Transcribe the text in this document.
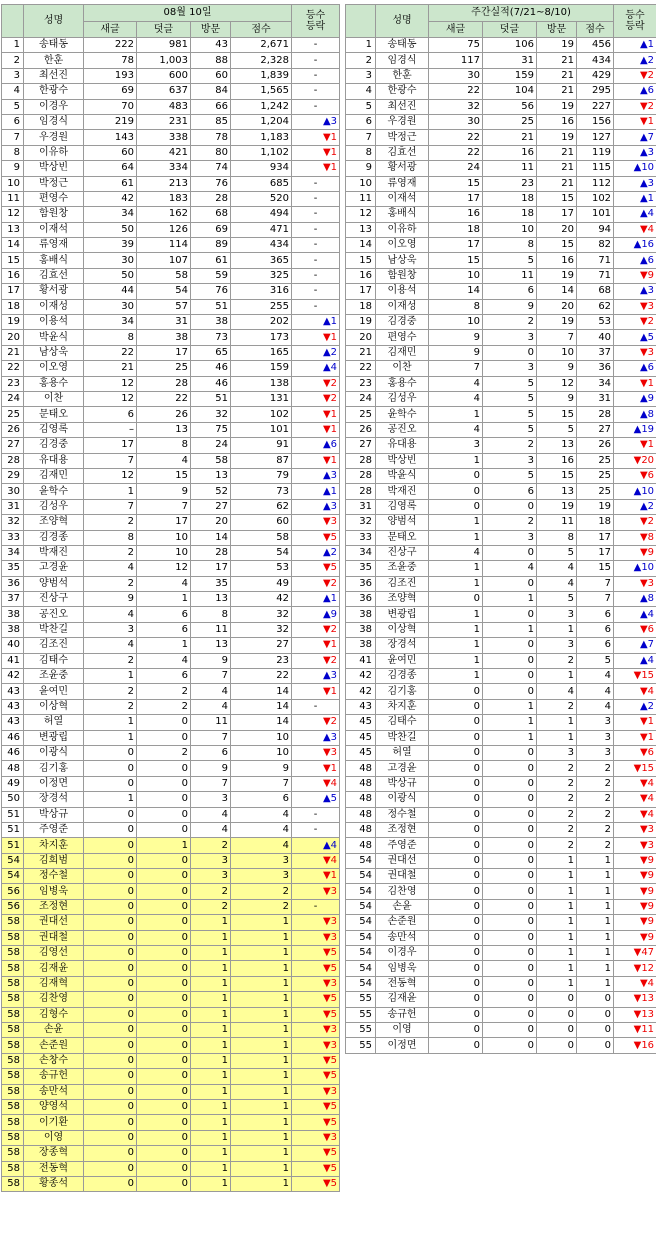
	성명	08월 10일				등수
등락
		새글	덧글	방문	점수	
1	송태동	222	981	43	2,671	-
2	한훈	78	1,003	88	2,328	-
3	최선진	193	600	60	1,839	-
4	한광수	69	637	84	1,565	-
5	이경우	70	483	66	1,242	-
6	임경식	219	231	85	1,204	▲3
7	우경원	143	338	78	1,183	▼1
8	이유하	60	421	80	1,102	▼1
9	박상빈	64	334	74	934	▼1
10	박정근	61	213	76	685	-
11	편영수	42	183	28	520	-
12	함원창	34	162	68	494	-
13	이재석	50	126	69	471	-
14	류영재	39	114	89	434	-
15	홍배식	30	107	61	365	-
16	김효선	50	58	59	325	-
17	황서광	44	54	76	316	-
18	이재성	30	57	51	255	-
19	이용석	34	31	38	202	▲1
20	박윤식	8	38	73	173	▼1
21	남상욱	22	17	65	165	▲2
22	이오영	21	25	46	159	▲4
23	홍용수	12	28	46	138	▼2
24	이찬	12	22	51	131	▼2
25	문태오	6	26	32	102	▼1
26	김영록	–	13	75	101	▼1
27	김경중	17	8	24	91	▲6
28	유대용	7	4	58	87	▼1
29	김재민	12	15	13	79	▲3
30	윤학수	1	9	52	73	▲1
31	김성우	7	7	27	62	▲3
32	조양혁	2	17	20	60	▼3
33	김경종	8	10	14	58	▼5
34	박재진	2	10	28	54	▲2
35	고경윤	4	12	17	53	▼5
36	양범석	2	4	35	49	▼2
37	진상구	9	1	13	42	▲1
38	공진오	4	6	8	32	▲9
38	박찬길	3	6	11	32	▼2
40	김조진	4	1	13	27	▼1
41	김태수	2	4	9	23	▼2
42	조윤중	1	6	7	22	▲3
43	윤여민	2	2	4	14	▼1
43	이상혁	2	2	4	14	-
43	허열	1	0	11	14	▼2
46	변광립	1	0	7	10	▲3
46	이광식	0	2	6	10	▼3
48	김기홍	0	0	9	9	▼1
49	이정면	0	0	7	7	▼4
50	장경석	1	0	3	6	▲5
51	박상규	0	0	4	4	-
51	주영준	0	0	4	4	-
51	차지훈	0	1	2	4	▲4
54	김희범	0	0	3	3	▼4
54	정수철	0	0	3	3	▼1
56	임병욱	0	0	2	2	▼3
56	조정현	0	0	2	2	-
58	권대선	0	0	1	1	▼3
58	권대철	0	0	1	1	▼3
58	김영선	0	0	1	1	▼5
58	김재윤	0	0	1	1	▼5
58	김재혁	0	0	1	1	▼3
58	김찬영	0	0	1	1	▼5
58	김형수	0	0	1	1	▼5
58	손윤	0	0	1	1	▼3
58	손준원	0	0	1	1	▼3
58	손창수	0	0	1	1	▼5
58	송규헌	0	0	1	1	▼5
58	송만석	0	0	1	1	▼3
58	양영석	0	0	1	1	▼5
58	이기환	0	0	1	1	▼5
58	이영	0	0	1	1	▼3
58	장종혁	0	0	1	1	▼5
58	전동혁	0	0	1	1	▼5
58	황종석	0	0	1	1	▼5
	성명	주간실적(7/21~8/10)				등수
등락
		새글	덧글	방문	점수	
1	송태동	75	106	19	456	▲1
2	임경식	117	31	21	434	▲2
3	한훈	30	159	21	429	▼2
4	한광수	22	104	21	295	▲6
5	최선진	32	56	19	227	▼2
6	우경원	30	25	16	156	▼1
7	박정근	22	21	19	127	▲7
8	김효선	22	16	21	119	▲3
9	황서광	24	11	21	115	▲10
10	류영재	15	23	21	112	▲3
11	이재석	17	18	15	102	▲1
12	홍배식	16	18	17	101	▲4
13	이유하	18	10	20	94	▼4
14	이오영	17	8	15	82	▲16
15	남상욱	15	5	16	71	▲6
16	함원창	10	11	19	71	▼9
17	이용석	14	6	14	68	▲3
18	이재성	8	9	20	62	▼3
19	김경중	10	2	19	53	▼2
20	편영수	9	3	7	40	▲5
21	김재민	9	0	10	37	▼3
22	이찬	7	3	9	36	▲6
23	홍용수	4	5	12	34	▼1
24	김성우	4	5	9	31	▲9
25	윤학수	1	5	15	28	▲8
26	공진오	4	5	5	27	▲19
27	유대용	3	2	13	26	▼1
28	박상빈	1	3	16	25	▼20
28	박윤식	0	5	15	25	▼6
28	박재진	0	6	13	25	▲10
31	김영록	0	0	19	19	▲2
32	양범석	1	2	11	18	▼2
33	문태오	1	3	8	17	▼8
34	진상구	4	0	5	17	▼9
35	조윤중	1	4	4	15	▲10
36	김조진	1	0	4	7	▼3
36	조양혁	0	1	5	7	▲8
38	변광립	1	0	3	6	▲4
38	이상혁	1	1	1	6	▼6
38	장경석	1	0	3	6	▲7
41	윤여민	1	0	2	5	▲4
42	김경종	1	0	1	4	▼15
42	김기홍	0	0	4	4	▼4
43	차지훈	0	1	2	4	▲2
45	김태수	0	1	1	3	▼1
45	박찬길	0	1	1	3	▼1
45	허열	0	0	3	3	▼6
48	고경윤	0	0	2	2	▼15
48	박상규	0	0	2	2	▼4
48	이광식	0	0	2	2	▼4
48	정수철	0	0	2	2	▼4
48	조정현	0	0	2	2	▼3
48	주영준	0	0	2	2	▼3
54	권대선	0	0	1	1	▼9
54	권대철	0	0	1	1	▼9
54	김찬영	0	0	1	1	▼9
54	손윤	0	0	1	1	▼9
54	손준원	0	0	1	1	▼9
54	송만석	0	0	1	1	▼9
54	이경우	0	0	1	1	▼47
54	임병욱	0	0	1	1	▼12
54	전동혁	0	0	1	1	▼4
55	김재윤	0	0	0	0	▼13
55	송규헌	0	0	0	0	▼13
55	이영	0	0	0	0	▼11
55	이정면	0	0	0	0	▼16
